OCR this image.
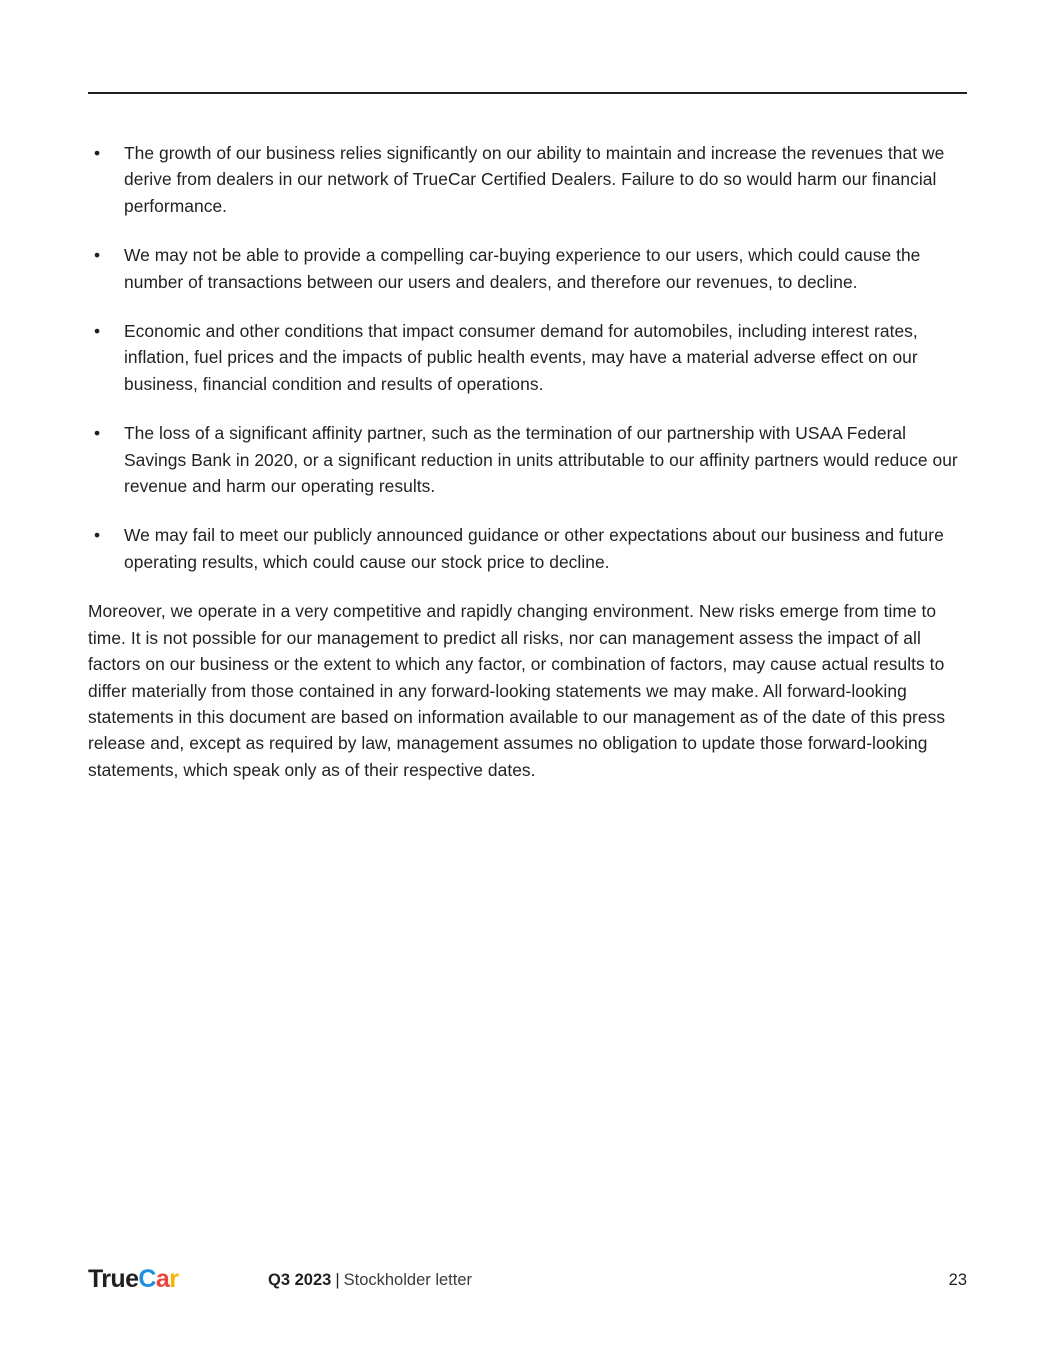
• The growth of our business relies significantly on our ability to maintain and increase the revenues that we derive from dealers in our network of TrueCar Certified Dealers. Failure to do so would harm our financial performance.
• We may not be able to provide a compelling car-buying experience to our users, which could cause the number of transactions between our users and dealers, and therefore our revenues, to decline.
• Economic and other conditions that impact consumer demand for automobiles, including interest rates, inflation, fuel prices and the impacts of public health events, may have a material adverse effect on our business, financial condition and results of operations.
• The loss of a significant affinity partner, such as the termination of our partnership with USAA Federal Savings Bank in 2020, or a significant reduction in units attributable to our affinity partners would reduce our revenue and harm our operating results.
• We may fail to meet our publicly announced guidance or other expectations about our business and future operating results, which could cause our stock price to decline.
Moreover, we operate in a very competitive and rapidly changing environment. New risks emerge from time to time. It is not possible for our management to predict all risks, nor can management assess the impact of all factors on our business or the extent to which any factor, or combination of factors, may cause actual results to differ materially from those contained in any forward-looking statements we may make. All forward-looking statements in this document are based on information available to our management as of the date of this press release and, except as required by law, management assumes no obligation to update those forward-looking statements, which speak only as of their respective dates.
TrueCar	Q3 2023 | Stockholder letter	23
